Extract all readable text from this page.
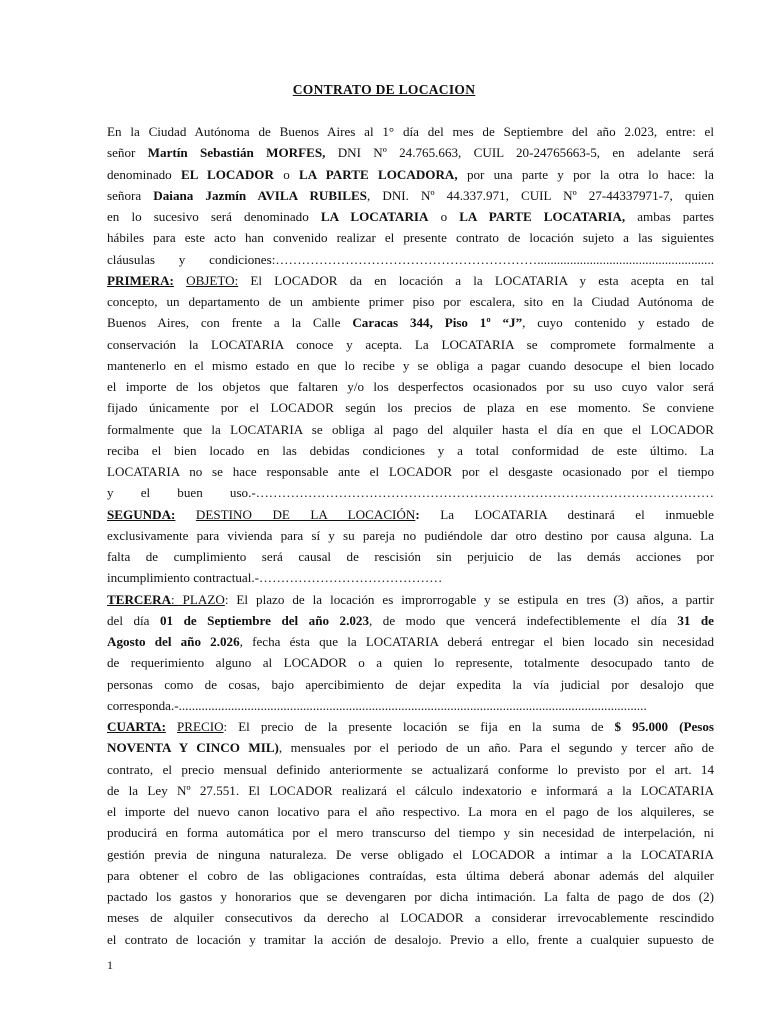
CONTRATO DE LOCACION
En la Ciudad Autónoma de Buenos Aires al 1° día del mes de Septiembre del año 2.023, entre: el
señor Martín Sebastián MORFES, DNI Nº 24.765.663, CUIL 20-24765663-5, en adelante será
denominado EL LOCADOR o LA PARTE LOCADORA, por una parte y por la otra lo hace: la
señora Daiana Jazmín AVILA RUBILES, DNI. Nº 44.337.971, CUIL Nº 27-44337971-7, quien
en lo sucesivo será denominado LA LOCATARIA o LA PARTE LOCATARIA, ambas partes
hábiles para este acto han convenido realizar el presente contrato de locación sujeto a las siguientes
cláusulas y condiciones:……………………………………………………......................................................
PRIMERA: OBJETO: El LOCADOR da en locación a la LOCATARIA y esta acepta en tal
concepto, un departamento de un ambiente primer piso por escalera, sito en la Ciudad Autónoma de
Buenos Aires, con frente a la Calle Caracas 344, Piso 1º “J”, cuyo contenido y estado de
conservación la LOCATARIA conoce y acepta. La LOCATARIA se compromete formalmente a
mantenerlo en el mismo estado en que lo recibe y se obliga a pagar cuando desocupe el bien locado
el importe de los objetos que faltaren y/o los desperfectos ocasionados por su uso cuyo valor será
fijado únicamente por el LOCADOR según los precios de plaza en ese momento. Se conviene
formalmente que la LOCATARIA se obliga al pago del alquiler hasta el día en que el LOCADOR
reciba el bien locado en las debidas condiciones y a total conformidad de este último. La
LOCATARIA no se hace responsable ante el LOCADOR por el desgaste ocasionado por el tiempo
y el buen uso.-……………………………………………………………………………………………
SEGUNDA: DESTINO DE LA LOCACIÓN: La LOCATARIA destinará el inmueble
exclusivamente para vivienda para sí y su pareja no pudiéndole dar otro destino por causa alguna. La
falta de cumplimiento será causal de rescisión sin perjuicio de las demás acciones por
incumplimiento contractual.-……………………………………
TERCERA: PLAZO: El plazo de la locación es improrrogable y se estipula en tres (3) años, a partir
del día 01 de Septiembre del año 2.023, de modo que vencerá indefectiblemente el día 31 de
Agosto del año 2.026, fecha ésta que la LOCATARIA deberá entregar el bien locado sin necesidad
de requerimiento alguno al LOCADOR o a quien lo represente, totalmente desocupado tanto de
personas como de cosas, bajo apercibimiento de dejar expedita la vía judicial por desalojo que
corresponda.-...............................................................................................................................................
CUARTA: PRECIO: El precio de la presente locación se fija en la suma de $ 95.000 (Pesos
NOVENTA Y CINCO MIL), mensuales por el periodo de un año. Para el segundo y tercer año de
contrato, el precio mensual definido anteriormente se actualizará conforme lo previsto por el art. 14
de la Ley Nº 27.551. El LOCADOR realizará el cálculo indexatorio e informará a la LOCATARIA
el importe del nuevo canon locativo para el año respectivo. La mora en el pago de los alquileres, se
producirá en forma automática por el mero transcurso del tiempo y sin necesidad de interpelación, ni
gestión previa de ninguna naturaleza. De verse obligado el LOCADOR a intimar a la LOCATARIA
para obtener el cobro de las obligaciones contraídas, esta última deberá abonar además del alquiler
pactado los gastos y honorarios que se devengaren por dicha intimación. La falta de pago de dos (2)
meses de alquiler consecutivos da derecho al LOCADOR a considerar irrevocablemente rescindido
el contrato de locación y tramitar la acción de desalojo. Previo a ello, frente a cualquier supuesto de
1
